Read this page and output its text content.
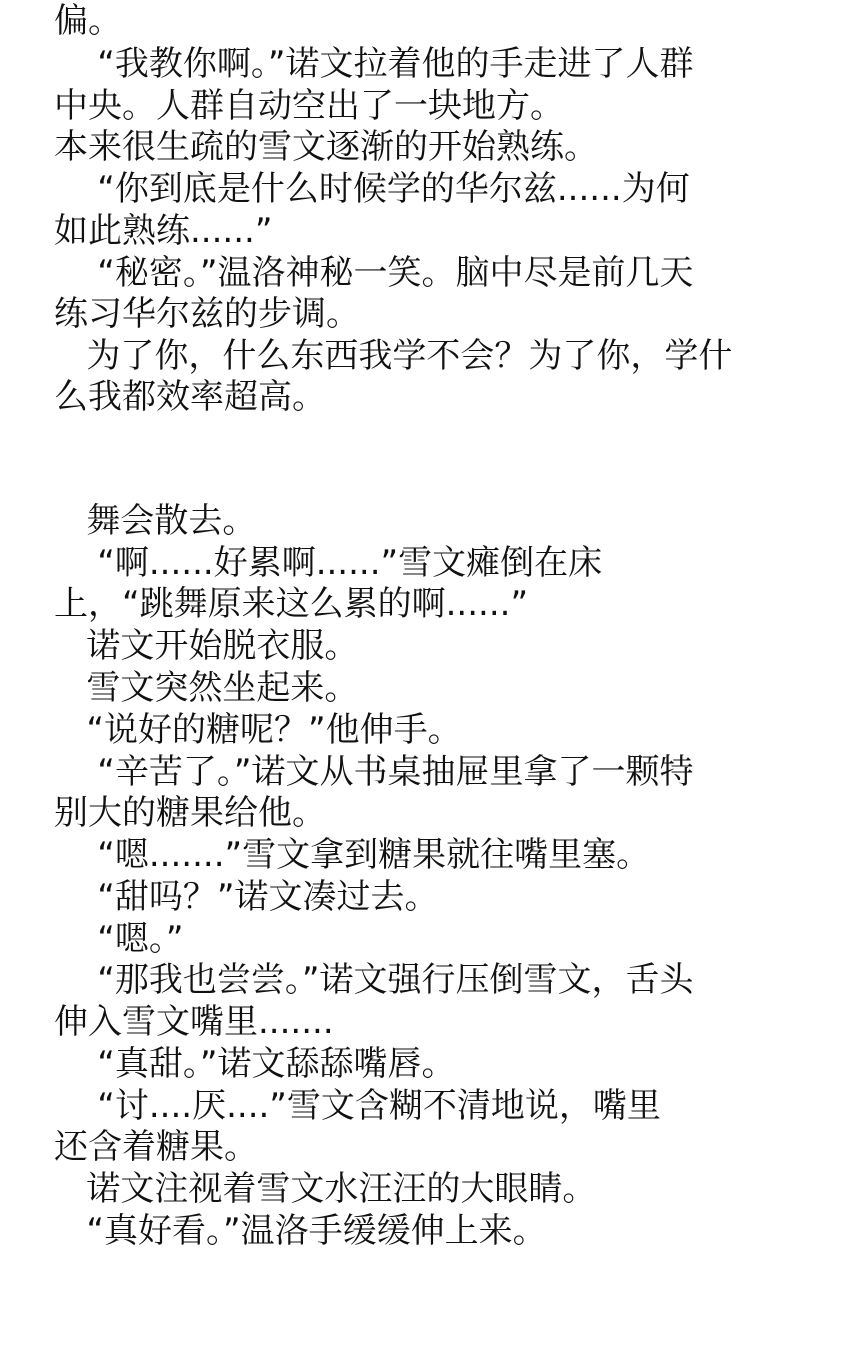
偏。

“我教你啊。”诺文拉着他的手走进了人群

中央。人群自动空出了一块地方。

本来很生疏的雪文逐渐的开始熟练。

“你到底是什么时候学的华尔兹......为何

如此熟练......”

“秘密。”温洛神秘一笑。脑中尽是前几天

练习华尔兹的步调。

为了你，什么东西我学不会？为了你，学什

么我都效率超高。

舞会散去。

“啊......好累啊......”雪文瘫倒在床

上，“跳舞原来这么累的啊......”

诺文开始脱衣服。

雪文突然坐起来。

“说好的糖呢？”他伸手。

“辛苦了。”诺文从书桌抽屉里拿了一颗特

别大的糖果给他。

“嗯.......”雪文拿到糖果就往嘴里塞。

“甜吗？”诺文凑过去。

“嗯。”

“那我也尝尝。”诺文强行压倒雪文，舌头

伸入雪文嘴里.......

“真甜。”诺文舔舔嘴唇。

“讨....厌....”雪文含糊不清地说，嘴里

还含着糖果。

诺文注视着雪文水汪汪的大眼睛。

“真好看。”温洛手缓缓伸上来。
